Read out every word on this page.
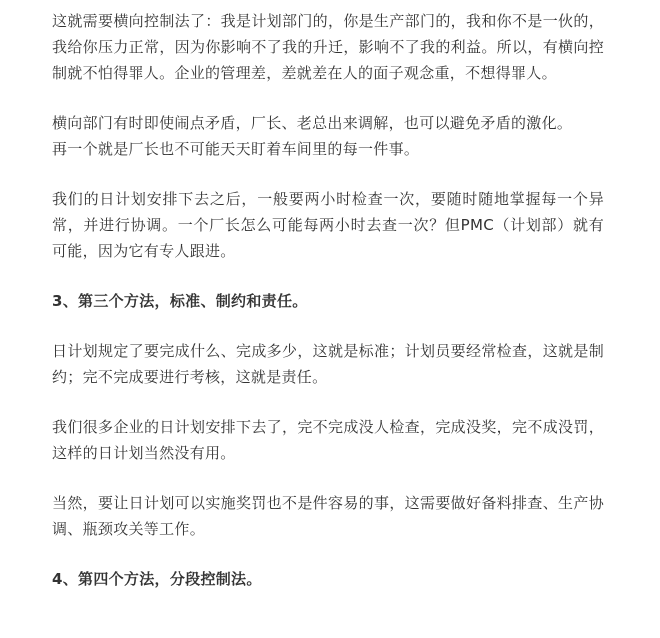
这就需要横向控制法了：我是计划部门的，你是生产部门的，我和你不是一伙的，我给你压力正常，因为你影响不了我的升迁，影响不了我的利益。所以，有横向控制就不怕得罪人。企业的管理差，差就差在人的面子观念重，不想得罪人。

横向部门有时即使闹点矛盾，厂长、老总出来调解，也可以避免矛盾的激化。
再一个就是厂长也不可能天天盯着车间里的每一件事。

我们的日计划安排下去之后，一般要两小时检查一次，要随时随地掌握每一个异常，并进行协调。一个厂长怎么可能每两小时去查一次？但PMC（计划部）就有可能，因为它有专人跟进。

3、第三个方法，标准、制约和责任。

日计划规定了要完成什么、完成多少，这就是标准；计划员要经常检查，这就是制约；完不完成要进行考核，这就是责任。

我们很多企业的日计划安排下去了，完不完成没人检查，完成没奖，完不成没罚，这样的日计划当然没有用。

当然，要让日计划可以实施奖罚也不是件容易的事，这需要做好备料排查、生产协调、瓶颈攻关等工作。

4、第四个方法，分段控制法。
